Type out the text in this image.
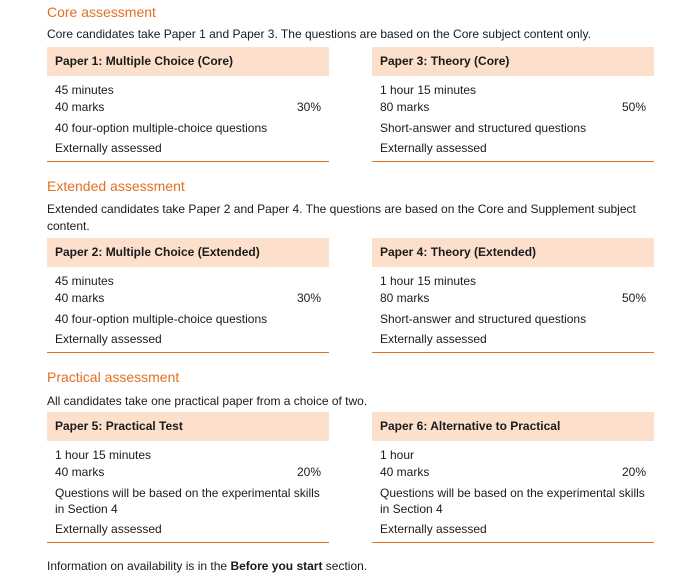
Core assessment

Core candidates take Paper 1 and Paper 3. The questions are based on the Core subject content only.

Paper 1: Multiple Choice (Core)
45 minutes
40 marks	30%
40 four-option multiple-choice questions
Externally assessed
Paper 3: Theory (Core)
1 hour 15 minutes
80 marks	50%
Short-answer and structured questions
Externally assessed
Extended assessment

Extended candidates take Paper 2 and Paper 4. The questions are based on the Core and Supplement subject content.

Paper 2: Multiple Choice (Extended)
45 minutes
40 marks	30%
40 four-option multiple-choice questions
Externally assessed
Paper 4: Theory (Extended)
1 hour 15 minutes
80 marks	50%
Short-answer and structured questions
Externally assessed
Practical assessment

All candidates take one practical paper from a choice of two.

Paper 5: Practical Test
1 hour 15 minutes
40 marks	20%
Questions will be based on the experimental skills in Section 4
Externally assessed
Paper 6: Alternative to Practical
1 hour
40 marks	20%
Questions will be based on the experimental skills in Section 4
Externally assessed
Information on availability is in the Before you start section.
